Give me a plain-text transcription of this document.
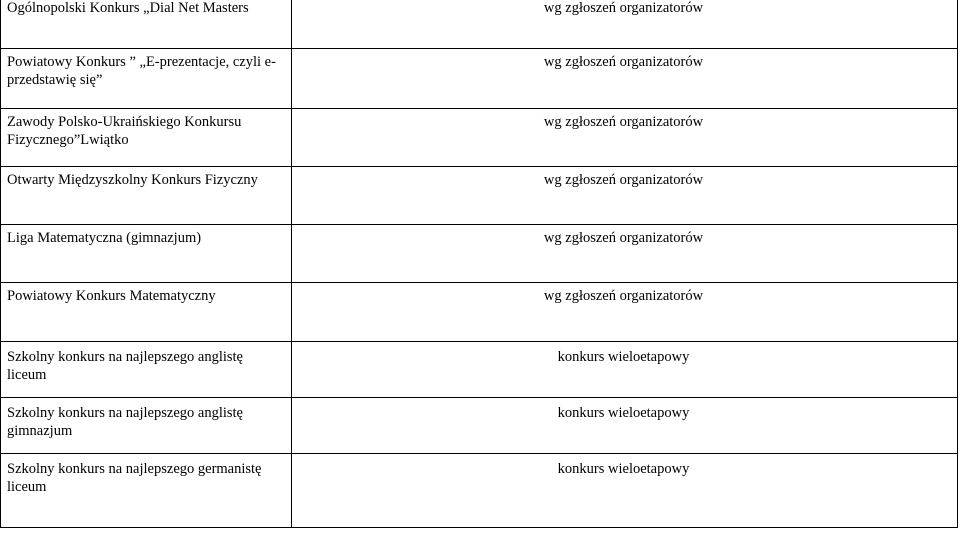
Ogólnopolski Konkurs „Dial Net Masters	wg zgłoszeń organizatorów

Powiatowy Konkurs ” „E-prezentacje, czyli e-przedstawię się”	wg zgłoszeń organizatorów

Zawody Polsko-Ukraińskiego Konkursu Fizycznego”Lwiątko	wg zgłoszeń organizatorów

Otwarty Międzyszkolny Konkurs Fizyczny	wg zgłoszeń organizatorów

Liga Matematyczna (gimnazjum)	wg zgłoszeń organizatorów

Powiatowy Konkurs Matematyczny	wg zgłoszeń organizatorów

Szkolny konkurs na najlepszego anglistę liceum	konkurs wieloetapowy

Szkolny konkurs na najlepszego anglistę gimnazjum	konkurs wieloetapowy

Szkolny konkurs na najlepszego germanistę liceum	konkurs wieloetapowy
